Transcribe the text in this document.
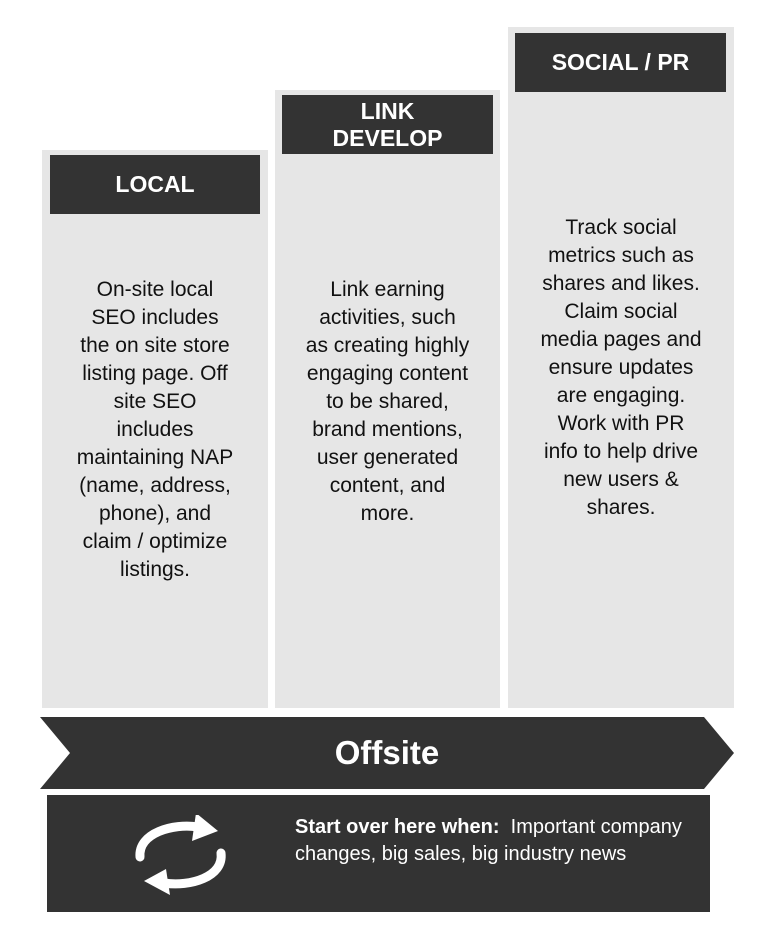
LOCAL
LINK
DEVELOP
SOCIAL / PR
On-site local
SEO includes
the on site store
listing page. Off
site SEO
includes
maintaining NAP
(name, address,
phone), and
claim / optimize
listings.
Link earning
activities, such
as creating highly
engaging content
to be shared,
brand mentions,
user generated
content, and
more.
Track social
metrics such as
shares and likes.
Claim social
media pages and
ensure updates
are engaging.
Work with PR
info to help drive
new users &
shares.
Offsite
Start over here when: Important company changes, big sales, big industry news
